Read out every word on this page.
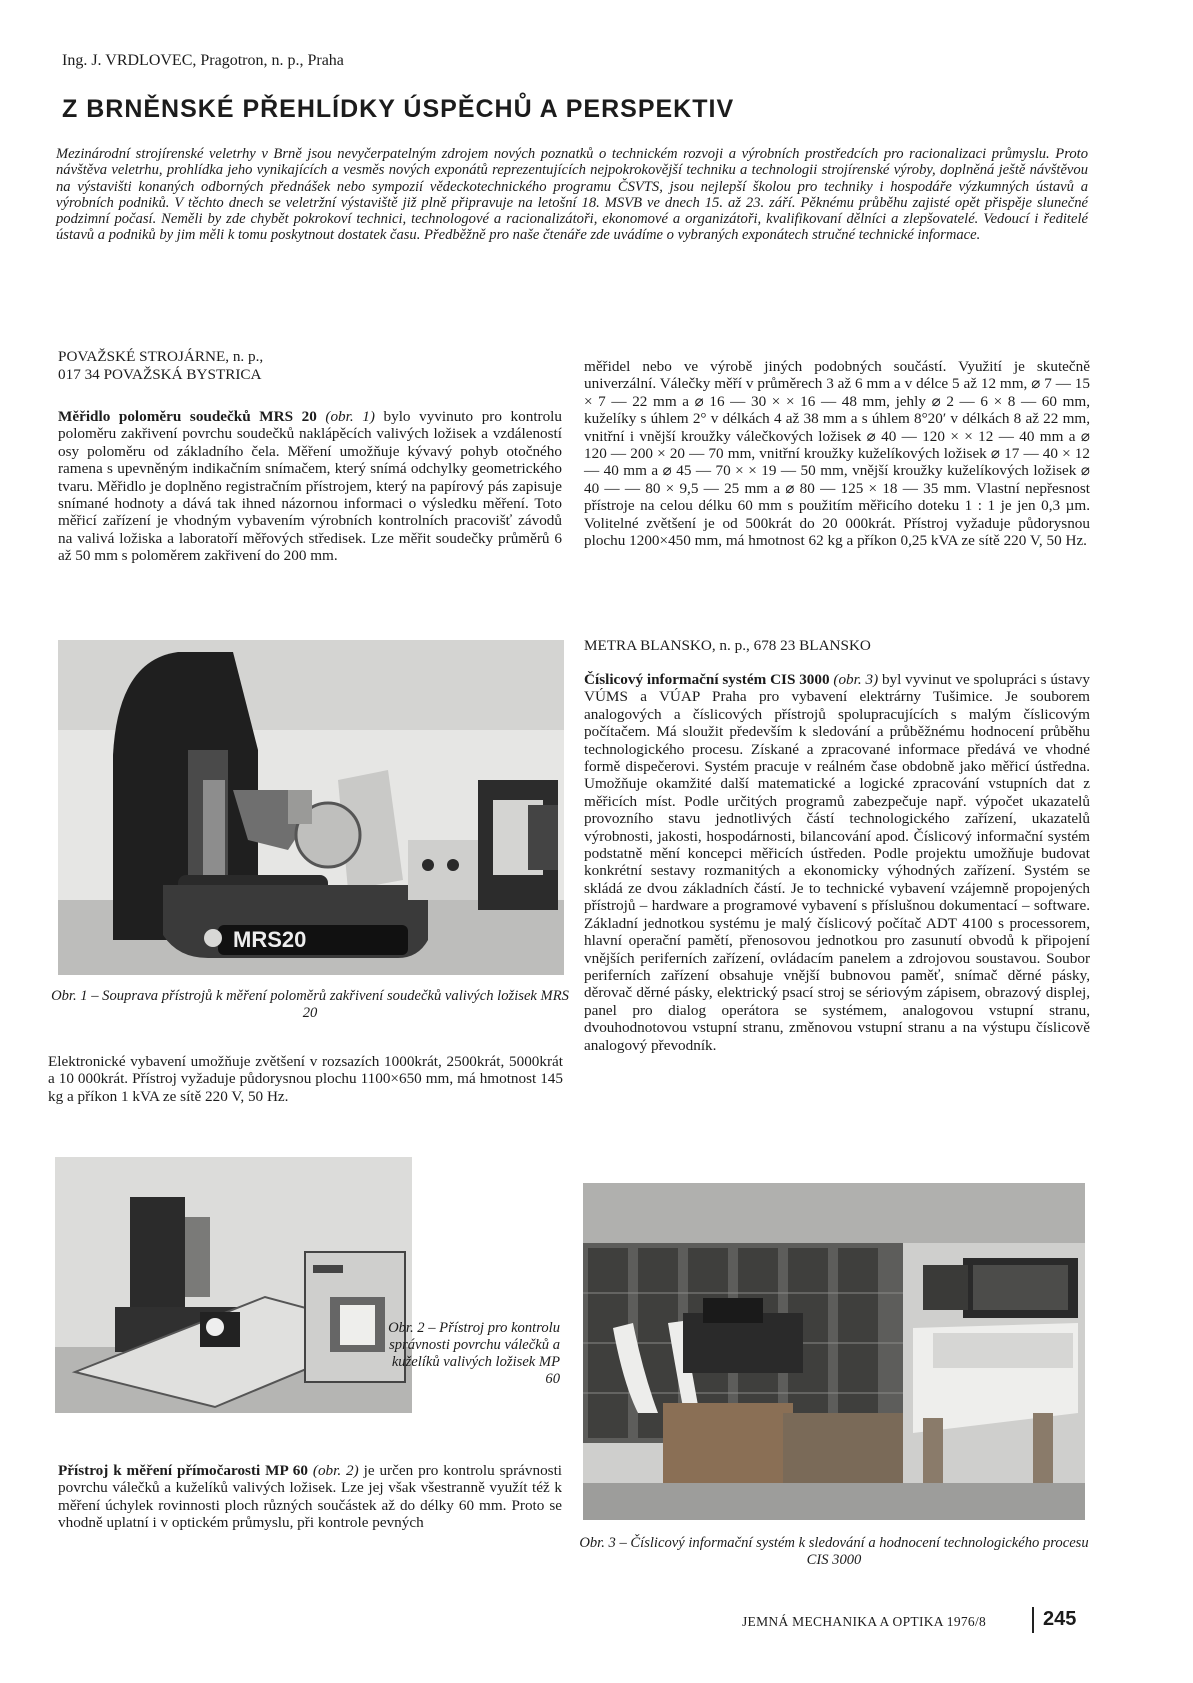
Ing. J. VRDLOVEC, Pragotron, n. p., Praha
Z BRNĚNSKÉ PŘEHLÍDKY ÚSPĚCHŮ A PERSPEKTIV
Mezinárodní strojírenské veletrhy v Brně jsou nevyčerpatelným zdrojem nových poznatků o technickém rozvoji a výrobních prostředcích pro racionalizaci průmyslu. Proto návštěva veletrhu, prohlídka jeho vynikajících a vesměs nových exponátů reprezentujících nejpokrokovější techniku a technologii strojírenské výroby, doplněná ještě návštěvou na výstavišti konaných odborných přednášek nebo sympozií vědeckotechnického programu ČSVTS, jsou nejlepší školou pro techniky i hospodáře výzkumných ústavů a výrobních podniků. V těchto dnech se veletržní výstaviště již plně připravuje na letošní 18. MSVB ve dnech 15. až 23. září. Pěknému průběhu zajisté opět přispěje slunečné podzimní počasí. Neměli by zde chybět pokrokoví technici, technologové a racionalizátoři, ekonomové a organizátoři, kvalifikovaní dělníci a zlepšovatelé. Vedoucí i ředitelé ústavů a podniků by jim měli k tomu poskytnout dostatek času. Předběžně pro naše čtenáře zde uvádíme o vybraných exponátech stručné technické informace.
POVAŽSKÉ STROJÁRNE, n. p.,
017 34 POVAŽSKÁ BYSTRICA
Měřidlo poloměru soudečků MRS 20 (obr. 1) bylo vyvinuto pro kontrolu poloměru zakřivení povrchu soudečků naklápěcích valivých ložisek a vzdáleností osy poloměru od základního čela. Měření umožňuje kývavý pohyb otočného ramena s upevněným indikačním snímačem, který snímá odchylky geometrického tvaru. Měřidlo je doplněno registračním přístrojem, který na papírový pás zapisuje snímané hodnoty a dává tak ihned názornou informaci o výsledku měření. Toto měřicí zařízení je vhodným vybavením výrobních kontrolních pracovišť závodů na valivá ložiska a laboratoří měřových středisek. Lze měřit soudečky průměrů 6 až 50 mm s poloměrem zakřivení do 200 mm.
MRS20
Obr. 1 – Souprava přístrojů k měření poloměrů zakřivení soudečků valivých ložisek MRS 20
Elektronické vybavení umožňuje zvětšení v rozsazích 1000krát, 2500krát, 5000krát a 10 000krát. Přístroj vyžaduje půdorysnou plochu 1100×650 mm, má hmotnost 145 kg a příkon 1 kVA ze sítě 220 V, 50 Hz.
Obr. 2 – Přístroj pro kontrolu správnosti povrchu válečků a kuželíků valivých ložisek MP 60
Přístroj k měření přímočarosti MP 60 (obr. 2) je určen pro kontrolu správnosti povrchu válečků a kuželíků valivých ložisek. Lze jej však všestranně využít též k měření úchylek rovinnosti ploch různých součástek až do délky 60 mm. Proto se vhodně uplatní i v optickém průmyslu, při kontrole pevných
měřidel nebo ve výrobě jiných podobných součástí. Využití je skutečně univerzální. Válečky měří v průměrech 3 až 6 mm a v délce 5 až 12 mm, ⌀ 7 — 15 × 7 — 22 mm a ⌀ 16 — 30 × × 16 — 48 mm, jehly ⌀ 2 — 6 × 8 — 60 mm, kuželíky s úhlem 2° v délkách 4 až 38 mm a s úhlem 8°20′ v délkách 8 až 22 mm, vnitřní i vnější kroužky válečkových ložisek ⌀ 40 — 120 × × 12 — 40 mm a ⌀ 120 — 200 × 20 — 70 mm, vnitřní kroužky kuželíkových ložisek ⌀ 17 — 40 × 12 — 40 mm a ⌀ 45 — 70 × × 19 — 50 mm, vnější kroužky kuželíkových ložisek ⌀ 40 — — 80 × 9,5 — 25 mm a ⌀ 80 — 125 × 18 — 35 mm. Vlastní nepřesnost přístroje na celou délku 60 mm s použitím měřicího doteku 1 : 1 je jen 0,3 µm. Volitelné zvětšení je od 500krát do 20 000krát. Přístroj vyžaduje půdorysnou plochu 1200×450 mm, má hmotnost 62 kg a příkon 0,25 kVA ze sítě 220 V, 50 Hz.
METRA BLANSKO, n. p., 678 23 BLANSKO
Číslicový informační systém CIS 3000 (obr. 3) byl vyvinut ve spolupráci s ústavy VÚMS a VÚAP Praha pro vybavení elektrárny Tušimice. Je souborem analogových a číslicových přístrojů spolupracujících s malým číslicovým počítačem. Má sloužit především k sledování a průběžnému hodnocení průběhu technologického procesu. Získané a zpracované informace předává ve vhodné formě dispečerovi. Systém pracuje v reálném čase obdobně jako měřicí ústředna. Umožňuje okamžité další matematické a logické zpracování vstupních dat z měřicích míst. Podle určitých programů zabezpečuje např. výpočet ukazatelů provozního stavu jednotlivých částí technologického zařízení, ukazatelů výrobnosti, jakosti, hospodárnosti, bilancování apod. Číslicový informační systém podstatně mění koncepci měřicích ústředen. Podle projektu umožňuje budovat konkrétní sestavy rozmanitých a ekonomicky výhodných zařízení. Systém se skládá ze dvou základních částí. Je to technické vybavení vzájemně propojených přístrojů – hardware a programové vybavení s příslušnou dokumentací – software. Základní jednotkou systému je malý číslicový počítač ADT 4100 s processorem, hlavní operační pamětí, přenosovou jednotkou pro zasunutí obvodů k připojení vnějších periferních zařízení, ovládacím panelem a zdrojovou soustavou. Soubor periferních zařízení obsahuje vnější bubnovou paměť, snímač děrné pásky, děrovač děrné pásky, elektrický psací stroj se sériovým zápisem, obrazový displej, panel pro dialog operátora se systémem, analogovou vstupní stranu, dvouhodnotovou vstupní stranu, změnovou vstupní stranu a na výstupu číslicově analogový převodník.
Obr. 3 – Číslicový informační systém k sledování a hodnocení technologického procesu CIS 3000
JEMNÁ MECHANIKA A OPTIKA 1976/8	245
